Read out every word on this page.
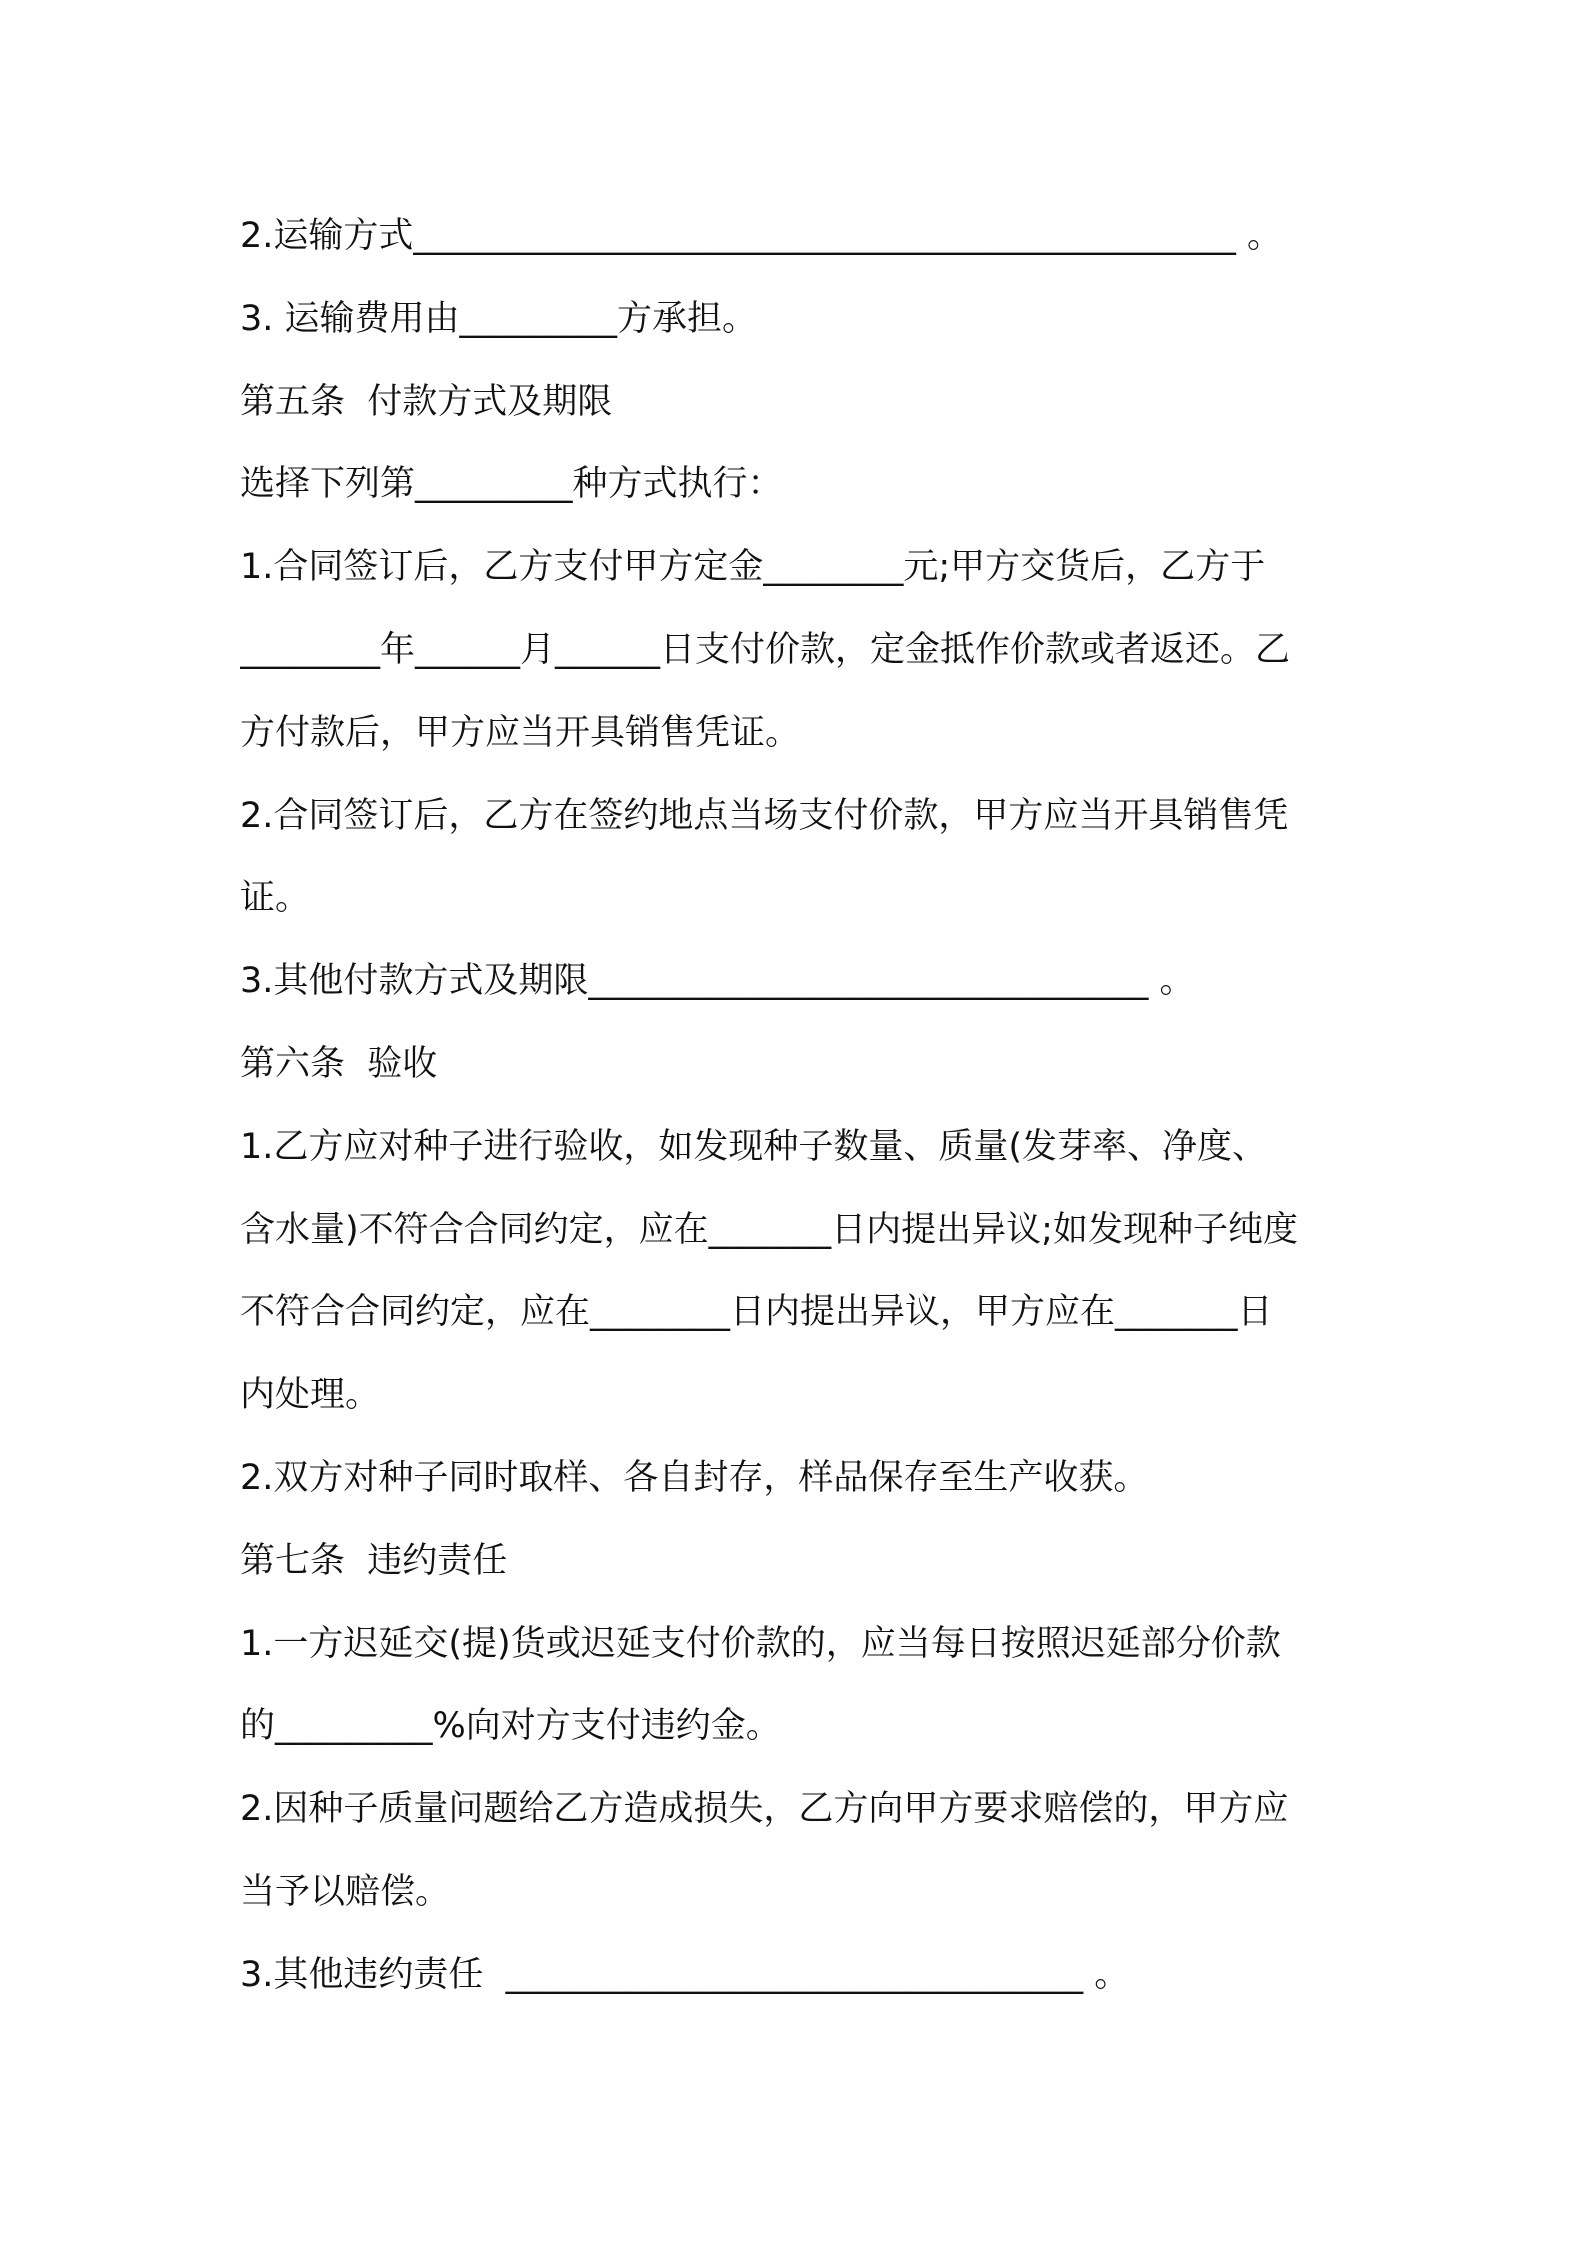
2.运输方式_______________________________________________ 。
3. 运输费用由_________方承担。
第五条  付款方式及期限
选择下列第_________种方式执行：
1.合同签订后，乙方支付甲方定金________元;甲方交货后，乙方于
________年______月______日支付价款，定金抵作价款或者返还。乙
方付款后，甲方应当开具销售凭证。
2.合同签订后，乙方在签约地点当场支付价款，甲方应当开具销售凭
证。
3.其他付款方式及期限________________________________ 。
第六条  验收
1.乙方应对种子进行验收，如发现种子数量、质量(发芽率、净度、
含水量)不符合合同约定，应在_______日内提出异议;如发现种子纯度
不符合合同约定，应在________日内提出异议，甲方应在_______日
内处理。
2.双方对种子同时取样、各自封存，样品保存至生产收获。
第七条  违约责任
1.一方迟延交(提)货或迟延支付价款的，应当每日按照迟延部分价款
的_________%向对方支付违约金。
2.因种子质量问题给乙方造成损失，乙方向甲方要求赔偿的，甲方应
当予以赔偿。
3.其他违约责任  _________________________________ 。
